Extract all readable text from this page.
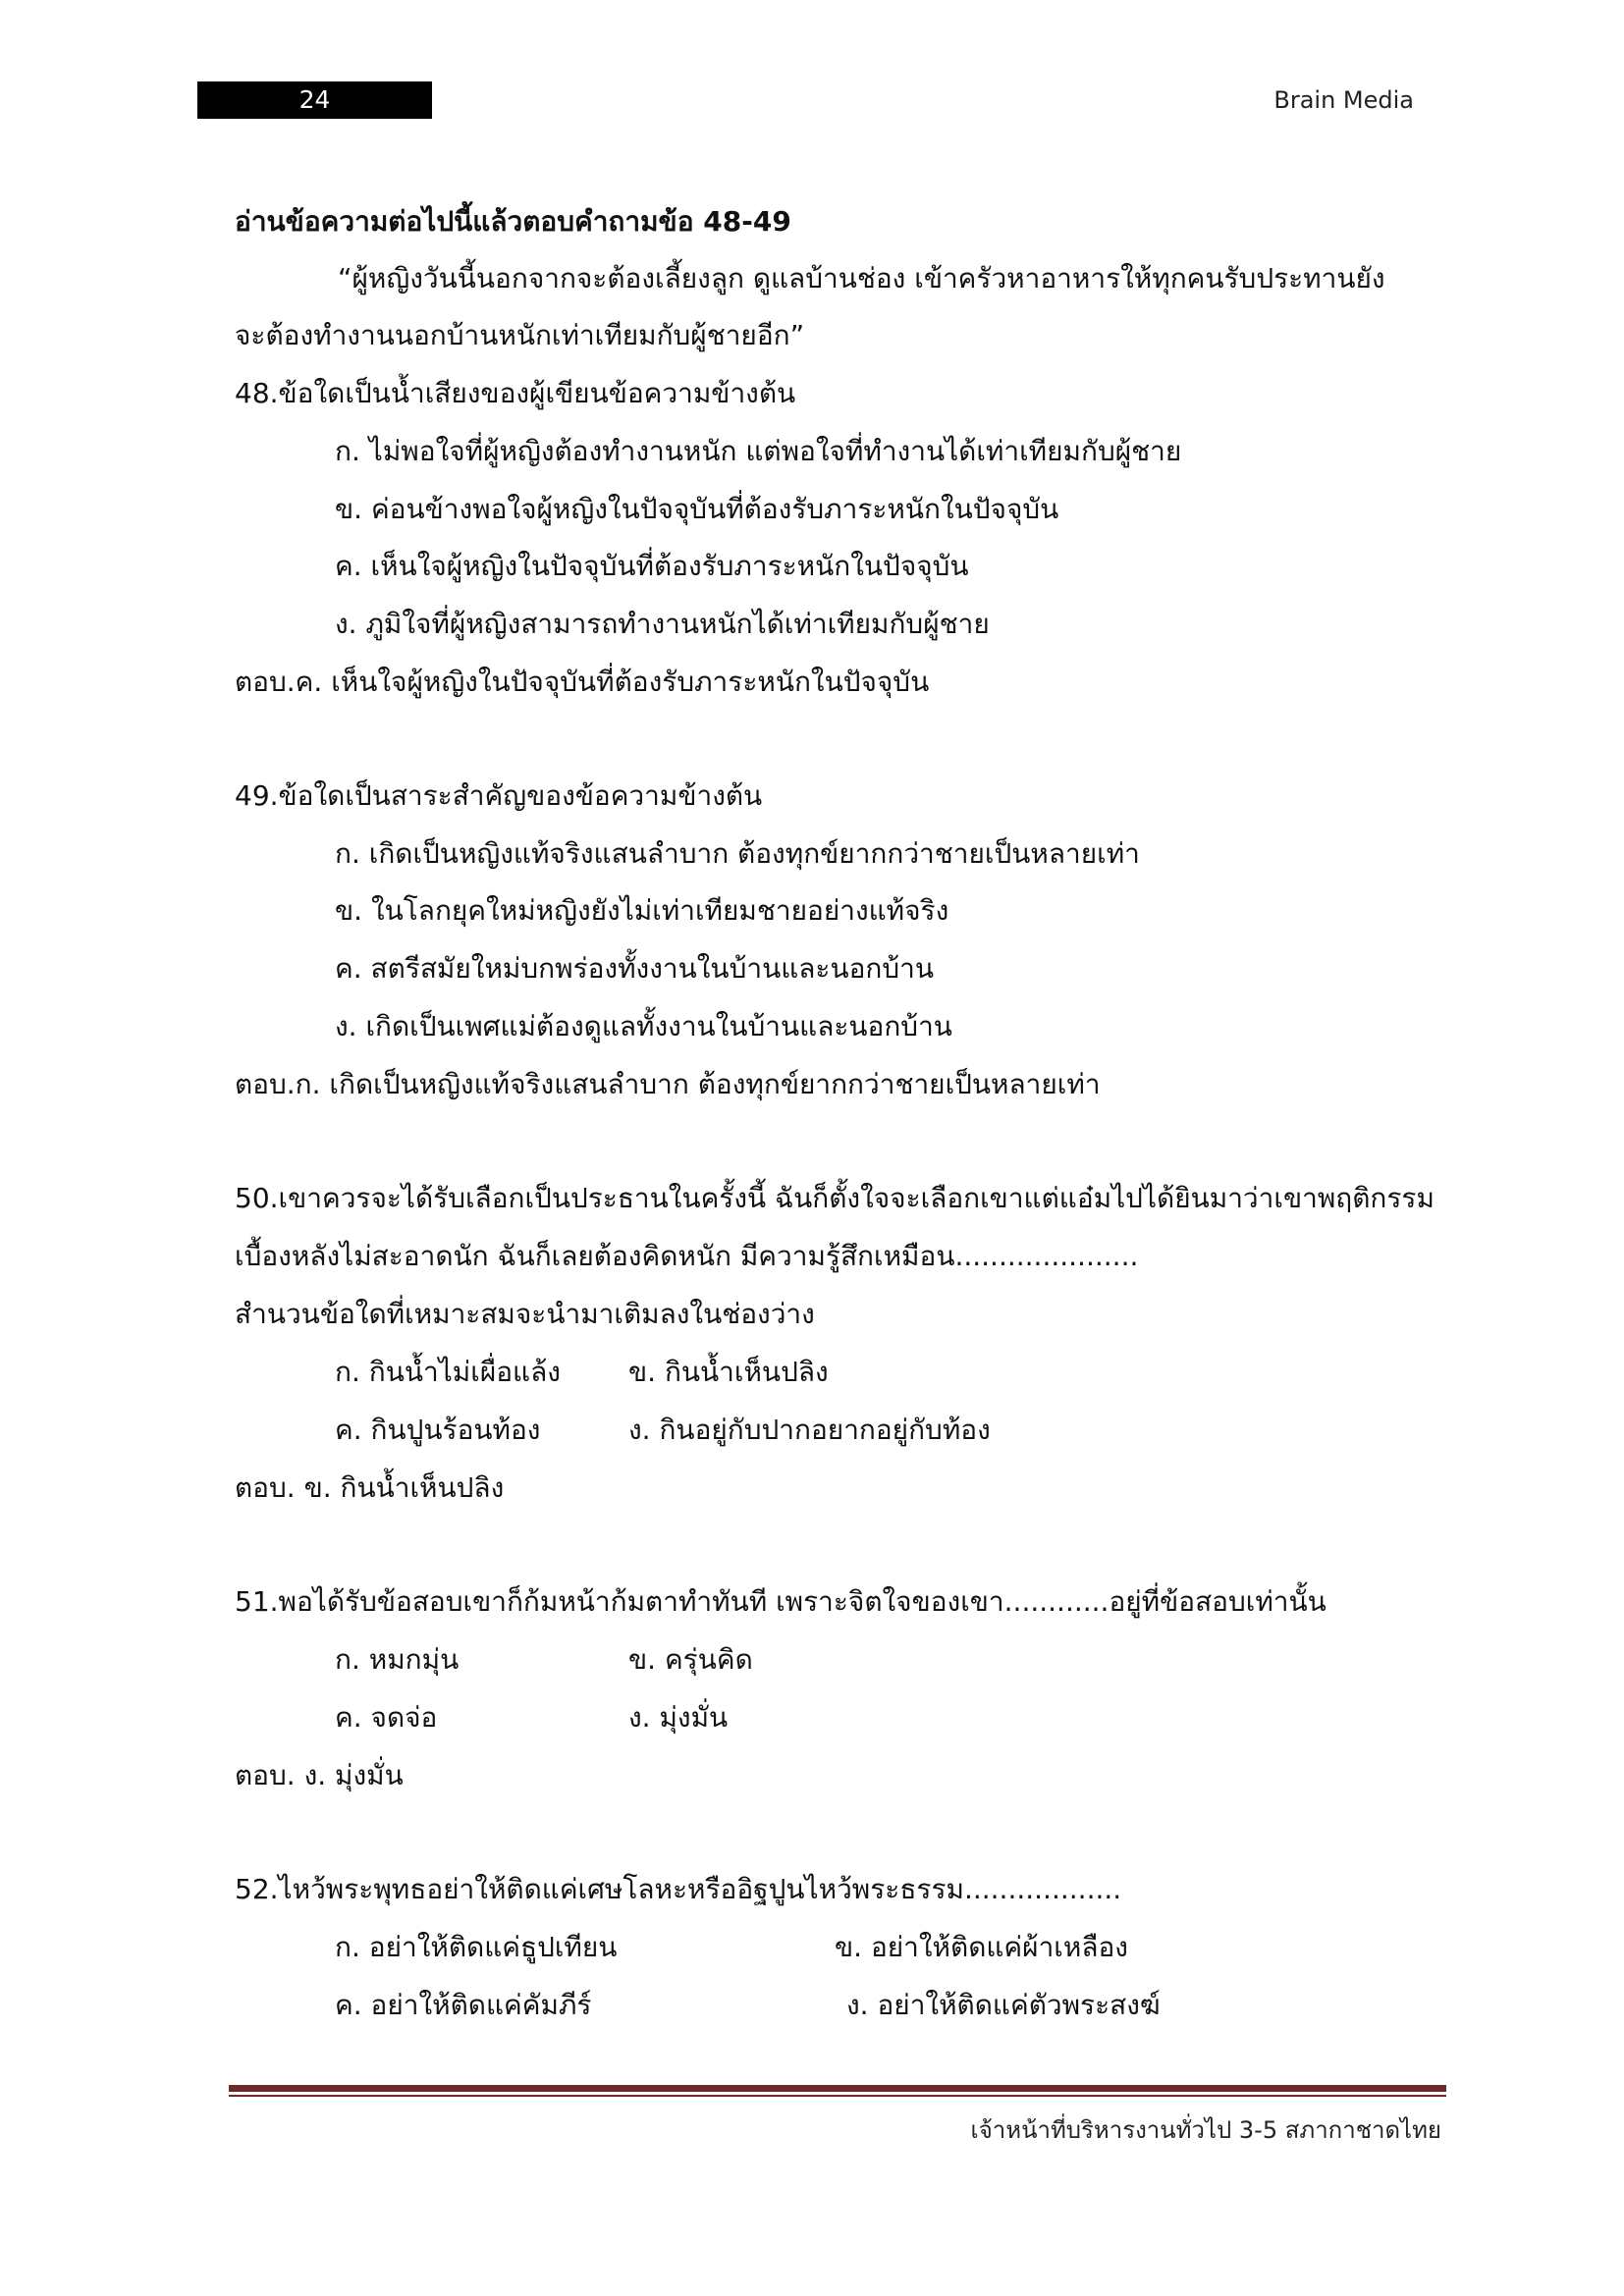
24	Brain Media
อ่านข้อความต่อไปนี้แล้วตอบคำถามข้อ 48-49
“ผู้หญิงวันนี้นอกจากจะต้องเลี้ยงลูก ดูแลบ้านช่อง เข้าครัวหาอาหารให้ทุกคนรับประทานยัง
จะต้องทำงานนอกบ้านหนักเท่าเทียมกับผู้ชายอีก”
48.ข้อใดเป็นน้ำเสียงของผู้เขียนข้อความข้างต้น
ก. ไม่พอใจที่ผู้หญิงต้องทำงานหนัก แต่พอใจที่ทำงานได้เท่าเทียมกับผู้ชาย
ข. ค่อนข้างพอใจผู้หญิงในปัจจุบันที่ต้องรับภาระหนักในปัจจุบัน
ค. เห็นใจผู้หญิงในปัจจุบันที่ต้องรับภาระหนักในปัจจุบัน
ง. ภูมิใจที่ผู้หญิงสามารถทำงานหนักได้เท่าเทียมกับผู้ชาย
ตอบ.ค. เห็นใจผู้หญิงในปัจจุบันที่ต้องรับภาระหนักในปัจจุบัน
49.ข้อใดเป็นสาระสำคัญของข้อความข้างต้น
ก. เกิดเป็นหญิงแท้จริงแสนลำบาก ต้องทุกข์ยากกว่าชายเป็นหลายเท่า
ข. ในโลกยุคใหม่หญิงยังไม่เท่าเทียมชายอย่างแท้จริง
ค. สตรีสมัยใหม่บกพร่องทั้งงานในบ้านและนอกบ้าน
ง. เกิดเป็นเพศแม่ต้องดูแลทั้งงานในบ้านและนอกบ้าน
ตอบ.ก. เกิดเป็นหญิงแท้จริงแสนลำบาก ต้องทุกข์ยากกว่าชายเป็นหลายเท่า
50.เขาควรจะได้รับเลือกเป็นประธานในครั้งนี้ ฉันก็ตั้งใจจะเลือกเขาแต่แอ๋มไปได้ยินมาว่าเขาพฤติกรรม
เบื้องหลังไม่สะอาดนัก ฉันก็เลยต้องคิดหนัก มีความรู้สึกเหมือน.....................
สำนวนข้อใดที่เหมาะสมจะนำมาเติมลงในช่องว่าง
ก. กินน้ำไม่เผื่อแล้ง ข. กินน้ำเห็นปลิง
ค. กินปูนร้อนท้อง	ง. กินอยู่กับปากอยากอยู่กับท้อง
ตอบ. ข. กินน้ำเห็นปลิง
51.พอได้รับข้อสอบเขาก็ก้มหน้าก้มตาทำทันที เพราะจิตใจของเขา............อยู่ที่ข้อสอบเท่านั้น
ก. หมกมุ่น	ข. ครุ่นคิด
ค. จดจ่อ	ง. มุ่งมั่น
ตอบ. ง. มุ่งมั่น
52.ไหว้พระพุทธอย่าให้ติดแค่เศษโลหะหรืออิฐปูนไหว้พระธรรม..................
ก. อย่าให้ติดแค่ธูปเทียน	ข. อย่าให้ติดแค่ผ้าเหลือง
ค. อย่าให้ติดแค่คัมภีร์	ง. อย่าให้ติดแค่ตัวพระสงฆ์
เจ้าหน้าที่บริหารงานทั่วไป 3-5 สภากาชาดไทย
